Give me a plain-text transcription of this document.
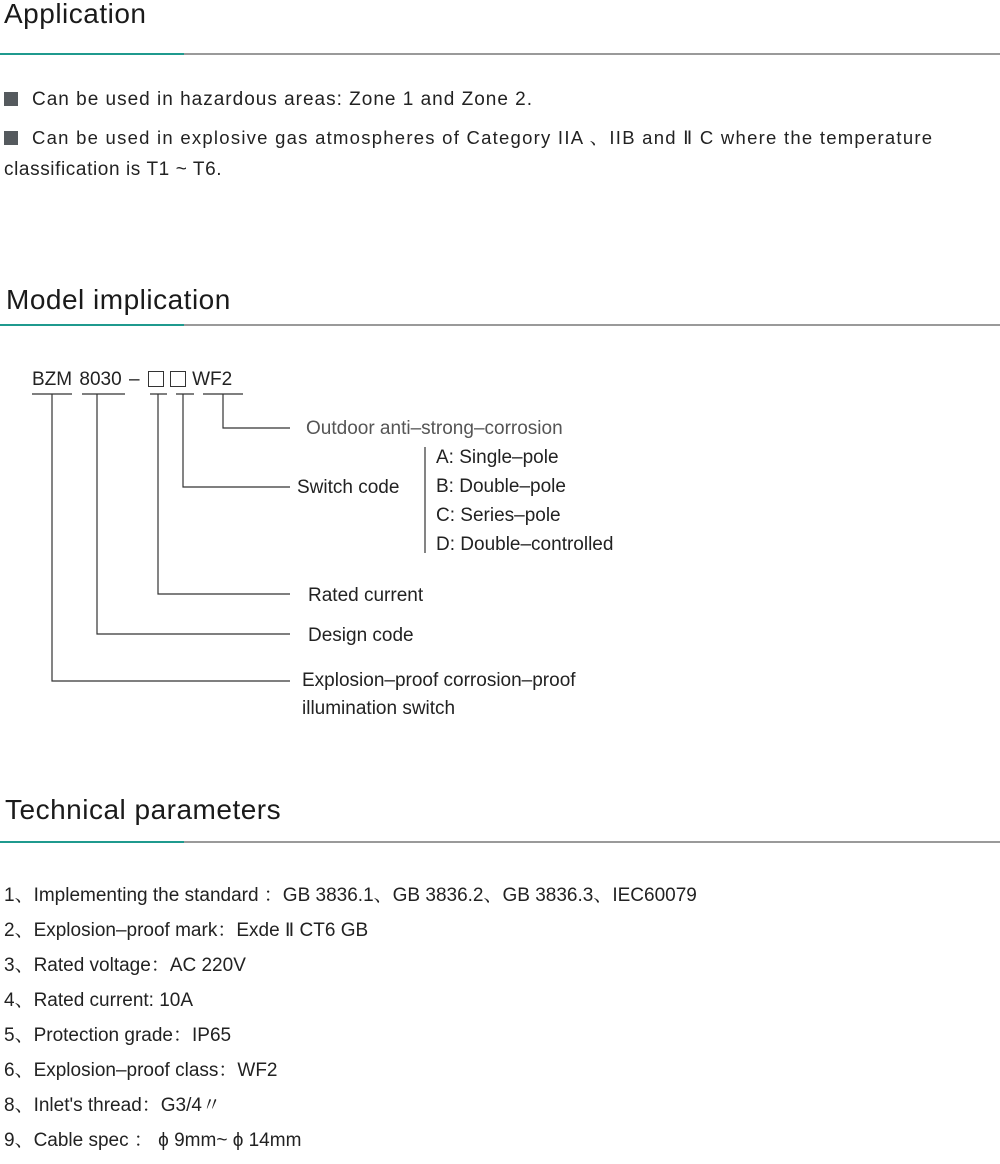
Application

Can be used in hazardous areas: Zone 1 and Zone 2.

Can be used in explosive gas atmospheres of Category IIA 、IIB and Ⅱ C where the temperature

classification is T1 ~ T6.

Model implication
BZM 8030 –	WF2
Outdoor anti–strong–corrosion
Switch code
A: Single–pole
B: Double–pole
C: Series–pole
D: Double–controlled
Rated current
Design code
Explosion–proof corrosion–proof
illumination switch
Technical parameters
1、Implementing the standard ：GB 3836.1、GB 3836.2、GB 3836.3、IEC60079
2、Explosion–proof mark：Exde Ⅱ CT6 GB
3、Rated voltage：AC 220V
4、Rated current: 10A
5、Protection grade：IP65
6、Explosion–proof class：WF2
8、Inlet's thread：G3/4〃
9、Cable spec ： ϕ 9mm~ ϕ 14mm
